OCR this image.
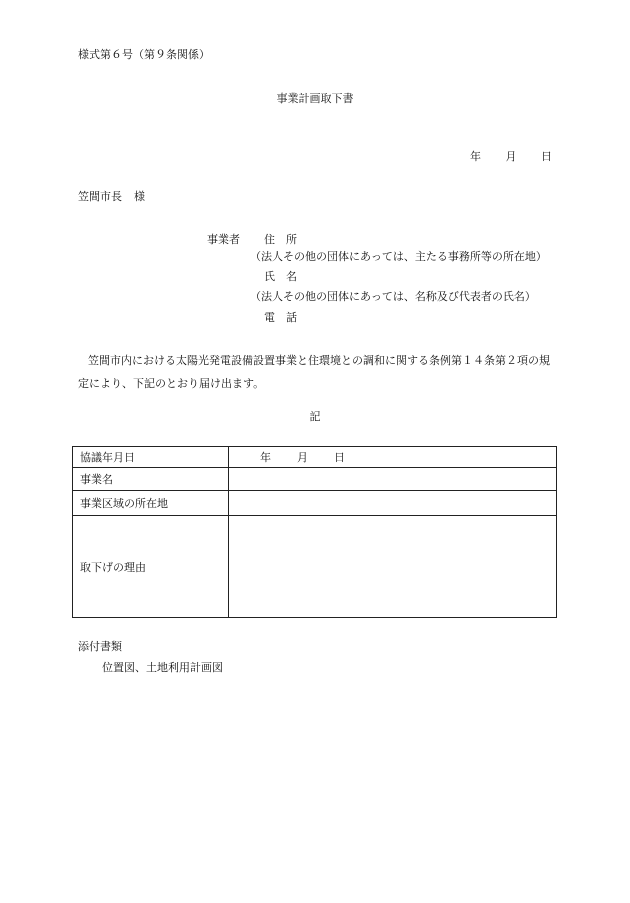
様式第６号（第９条関係）
事業計画取下書
年 月 日
笠間市長 様
事業者 住　所
（法人その他の団体にあっては、主たる事務所等の所在地）
氏　名
（法人その他の団体にあっては、名称及び代表者の氏名）
電　話
笠間市内における太陽光発電設備設置事業と住環境との調和に関する条例第１４条第２項の規定により、下記のとおり届け出ます。
記
協議年月日	年 月 日
事業名	
事業区域の所在地	
取下げの理由	
添付書類
位置図、土地利用計画図
